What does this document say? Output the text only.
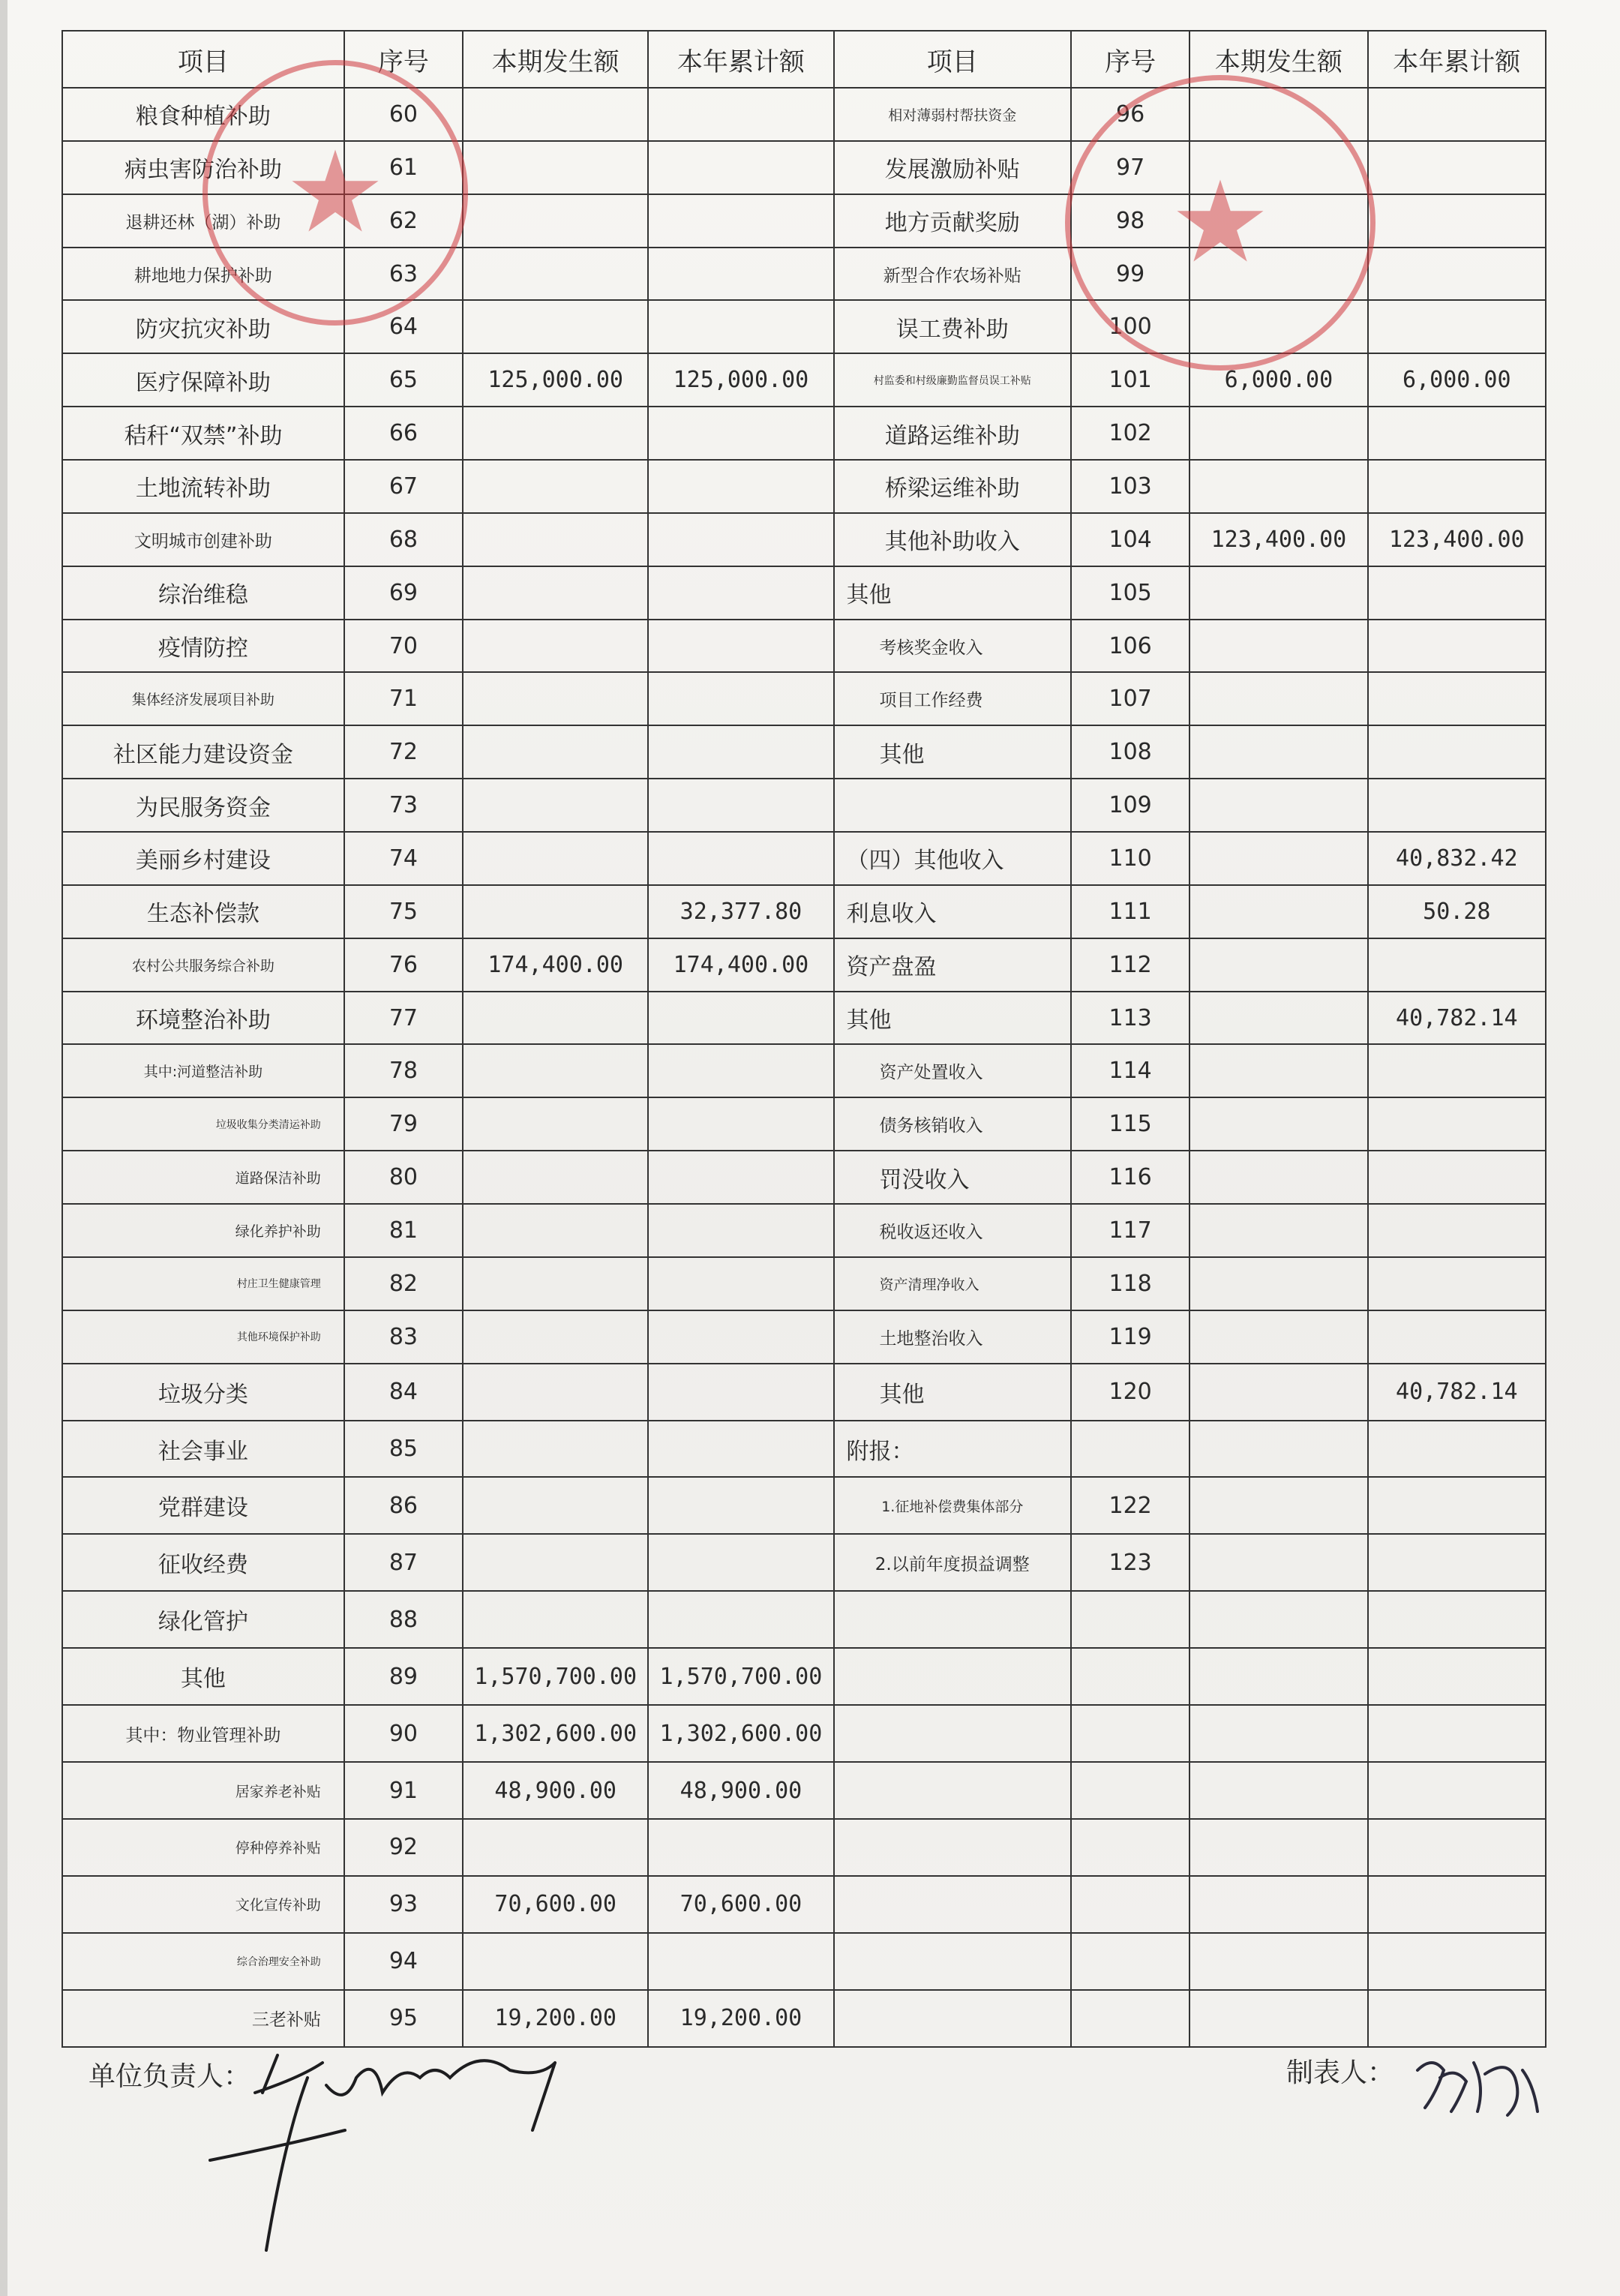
项目	序号	本期发生额	本年累计额	项目	序号	本期发生额	本年累计额
粮食种植补助	60			相对薄弱村帮扶资金	96		
病虫害防治补助	61			发展激励补贴	97		
退耕还林（湖）补助	62			地方贡献奖励	98		
耕地地力保护补助	63			新型合作农场补贴	99		
防灾抗灾补助	64			误工费补助	100		
医疗保障补助	65	125,000.00	125,000.00	村监委和村级廉勤监督员误工补贴	101	6,000.00	6,000.00
秸秆“双禁”补助	66			道路运维补助	102		
土地流转补助	67			桥梁运维补助	103		
文明城市创建补助	68			其他补助收入	104	123,400.00	123,400.00
综治维稳	69			其他	105		
疫情防控	70			考核奖金收入	106		
集体经济发展项目补助	71			项目工作经费	107		
社区能力建设资金	72			其他	108		
为民服务资金	73				109		
美丽乡村建设	74			（四）其他收入	110		40,832.42
生态补偿款	75		32,377.80	利息收入	111		50.28
农村公共服务综合补助	76	174,400.00	174,400.00	资产盘盈	112		
环境整治补助	77			其他	113		40,782.14
其中:河道整洁补助	78			资产处置收入	114		
垃圾收集分类清运补助	79			债务核销收入	115		
道路保洁补助	80			罚没收入	116		
绿化养护补助	81			税收返还收入	117		
村庄卫生健康管理	82			资产清理净收入	118		
其他环境保护补助	83			土地整治收入	119		
垃圾分类	84			其他	120		40,782.14
社会事业	85			附报：			
党群建设	86			1.征地补偿费集体部分	122		
征收经费	87			2.以前年度损益调整	123		
绿化管护	88						
其他	89	1,570,700.00	1,570,700.00				
其中：物业管理补助	90	1,302,600.00	1,302,600.00				
居家养老补贴	91	48,900.00	48,900.00				
停种停养补贴	92						
文化宣传补助	93	70,600.00	70,600.00				
综合治理安全补助	94						
三老补贴	95	19,200.00	19,200.00				
★	★
单位负责人：	制表人：
